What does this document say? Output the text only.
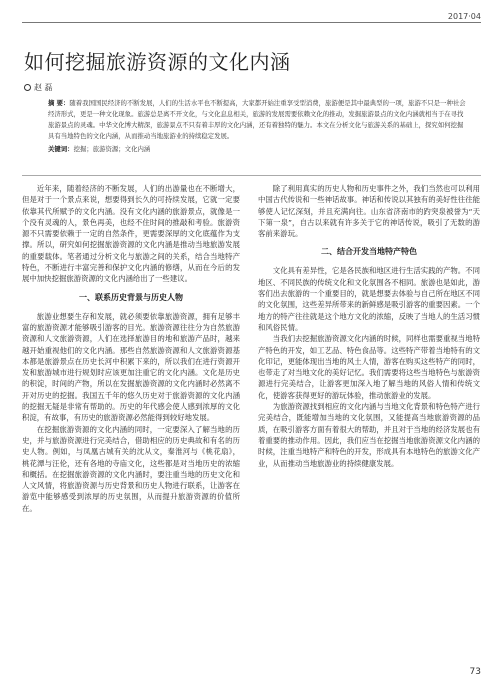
2017·04
如何挖掘旅游资源的文化内涵
赵 磊
摘 要：随着我国国民经济的不断发展，人们的生活水平也不断提高，大家都开始注重享受型消费，旅游便是其中最典型的一项，旅游不只是一种社会经济形式，更是一种文化现象。旅游总是离不开文化，与文化息息相关，旅游的发展需要依赖文化的推动，发掘旅游景点的文化内涵就相当于在寻找旅游景点的灵魂。中华文化博大精深，旅游景点不只有着丰厚的文化内涵，还有着独特的魅力。本文在分析文化与旅游关系的基础上，探究如何挖掘具有当地特色的文化内涵，从而推动当地旅游业的持续稳定发展。
关键词：挖掘；旅游资源；文化内涵

近年来，随着经济的不断发展，人们的出游量也在不断增大，但是对于一个景点来说，想要得到长久的可持续发展，它就一定要依靠其代所赋予的文化内涵。没有文化内涵的旅游景点，就像是一个没有灵魂的人，景色再美，也经不住时间的推敲和考验。旅游资源不只需要依赖于一定的自然条件，更需要深厚的文化底蕴作为支撑。所以，研究如何挖掘旅游资源的文化内涵是推动当地旅游发展的重要载体。笔者通过分析文化与旅游之间的关系，结合当地特产特色，不断进行丰富完善和保护文化内涵的修缮，从而在今后的发展中加快挖掘旅游资源的文化内涵给出了一些建议。

一、联系历史背景与历史人物

旅游业想要生存和发展，就必须要依靠旅游资源，拥有足够丰富的旅游资源才能够吸引游客的目光。旅游资源往往分为自然旅游资源和人文旅游资源，人们在选择旅游目的地和旅游产品时，越来越开始重视他们的文化内涵。那些自然旅游资源和人文旅游资源基本都是旅游景点在历史长河中积累下来的，所以我们在进行资源开发和旅游城市进行规划时应该更加注重它的文化内涵。文化是历史的积淀，时间的产物，所以在发掘旅游资源的文化内涵时必然离不开对历史的挖掘。我国五千年的悠久历史对于旅游资源的文化内涵的挖掘无疑是非常有帮助的。历史的年代感会使人感到浓厚的文化积淀，有故事，有历史的旅游资源必然能得到较好地发展。

在挖掘旅游资源的文化内涵的同时，一定要深入了解当地的历史，并与旅游资源进行完美结合，借助相应的历史典故和有名的历史人物。例如，与凤凰古城有关的沈从文，秦淮河与《桃花扇》，桃花潭与汪伦，还有各地的寺庙文化，这些都是对当地历史的浓缩和概括。在挖掘旅游资源的文化内涵时，要注重当地的历史文化和人文风情，将旅游资源与历史背景和历史人物进行联系，让游客在游览中能够感受到浓厚的历史氛围，从而提升旅游资源的价值所在。

除了利用真实的历史人物和历史事件之外，我们当然也可以利用中国古代传说和一些神话故事。神话和传说以其独有的美好性往往能够使人记忆深刻，并且充满向往。山东省济南市的趵突泉被誉为“天下第一泉”，自古以来就有许多关于它的神话传说，吸引了无数的游客前来游玩。

二、结合开发当地特产特色

文化具有差异性，它是各民族和地区进行生活实践的产物。不同地区、不同民族的传统文化和文化氛围各不相同。旅游也是如此，游客们出去旅游的一个重要目的，就是想要去体验与自己所在地区不同的文化氛围，这些差异所带来的新鲜感是吸引游客的重要因素。一个地方的特产往往就是这个地方文化的浓缩，反映了当地人的生活习惯和风俗民情。

当我们去挖掘旅游资源文化内涵的时候，同样也需要重视当地特产特色的开发，如工艺品、特色食品等。这些特产带着当地特有的文化印记，更能体现出当地的风土人情，游客在购买这些特产的同时，也带走了对当地文化的美好记忆。我们需要将这些当地特色与旅游资源进行完美结合，让游客更加深入地了解当地的风俗人情和传统文化，使游客获得更好的游玩体验，推动旅游业的发展。

为旅游资源找到相应的文化内涵与当地文化背景和特色特产进行完美结合，既能增加当地的文化氛围，又能提高当地旅游资源的品质，在吸引游客方面有着很大的帮助，并且对于当地的经济发展也有着重要的推动作用。因此，我们应当在挖掘当地旅游资源文化内涵的时候，注重当地特产和特色的开发，形成具有本地特色的旅游文化产业，从而推动当地旅游业的持续健康发展。

73
